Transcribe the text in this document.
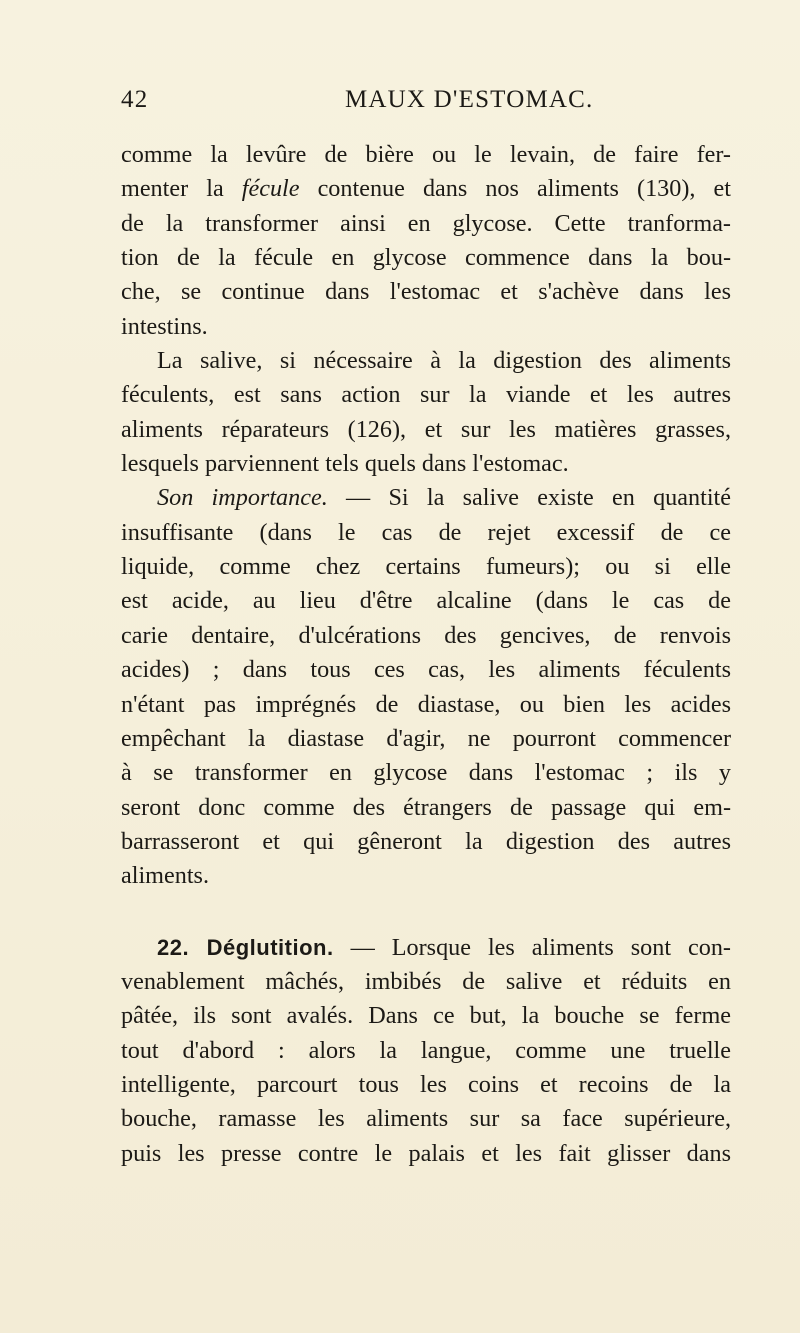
42	MAUX D'ESTOMAC.
comme la levûre de bière ou le levain, de faire fer-
menter la fécule contenue dans nos aliments (130), et
de la transformer ainsi en glycose. Cette tranforma-
tion de la fécule en glycose commence dans la bou-
che, se continue dans l'estomac et s'achève dans les
intestins.
La salive, si nécessaire à la digestion des aliments
féculents, est sans action sur la viande et les autres
aliments réparateurs (126), et sur les matières grasses,
lesquels parviennent tels quels dans l'estomac.
Son importance. — Si la salive existe en quantité
insuffisante (dans le cas de rejet excessif de ce
liquide, comme chez certains fumeurs); ou si elle
est acide, au lieu d'être alcaline (dans le cas de
carie dentaire, d'ulcérations des gencives, de renvois
acides) ; dans tous ces cas, les aliments féculents
n'étant pas imprégnés de diastase, ou bien les acides
empêchant la diastase d'agir, ne pourront commencer
à se transformer en glycose dans l'estomac ; ils y
seront donc comme des étrangers de passage qui em-
barrasseront et qui gêneront la digestion des autres
aliments.
22. Déglutition. — Lorsque les aliments sont con-
venablement mâchés, imbibés de salive et réduits en
pâtée, ils sont avalés. Dans ce but, la bouche se ferme
tout d'abord : alors la langue, comme une truelle
intelligente, parcourt tous les coins et recoins de la
bouche, ramasse les aliments sur sa face supérieure,
puis les presse contre le palais et les fait glisser dans
